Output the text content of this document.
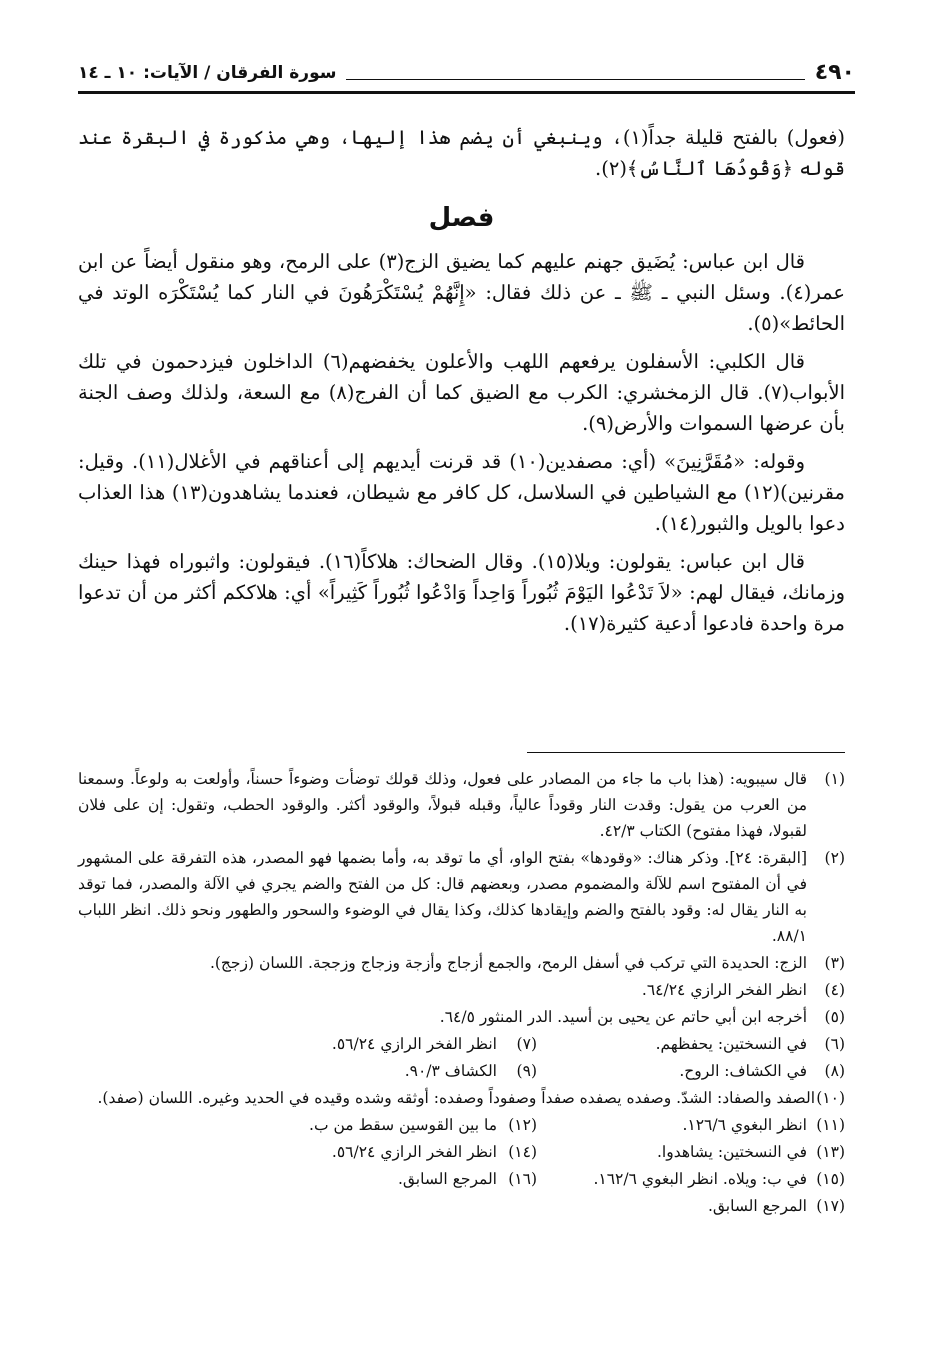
٤٩٠
سورة الفرقان / الآيات: ١٠ ـ ١٤

(فعول) بالفتح قليلة جداً(١)، وينبغي أن يضم هذا إليها، وهي مذكورة في البقرة عند قوله ﴿وَقُودُهَا ٱلنَّاسُ﴾(٢).

فصل

قال ابن عباس: يُضَيق جهنم عليهم كما يضيق الزج(٣) على الرمح، وهو منقول أيضاً عن ابن عمر(٤). وسئل النبي ـ ﷺ ـ عن ذلك فقال: «إِنَّهُمْ يُسْتَكْرَهُونَ في النار كما يُسْتَكْرَه الوتد في الحائط»(٥).

قال الكلبي: الأسفلون يرفعهم اللهب والأعلون يخفضهم(٦) الداخلون فيزدحمون في تلك الأبواب(٧). قال الزمخشري: الكرب مع الضيق كما أن الفرج(٨) مع السعة، ولذلك وصف الجنة بأن عرضها السموات والأرض(٩).

وقوله: «مُقَرَّنِينَ» (أي: مصفدين(١٠) قد قرنت أيديهم إلى أعناقهم في الأغلال(١١). وقيل: مقرنين)(١٢) مع الشياطين في السلاسل، كل كافر مع شيطان، فعندما يشاهدون(١٣) هذا العذاب دعوا بالويل والثبور(١٤).

قال ابن عباس: يقولون: ويلا(١٥). وقال الضحاك: هلاكاً(١٦). فيقولون: واثبوراه فهذا حينك وزمانك، فيقال لهم: «لاَ تَدْعُوا اليَوْمَ ثُبُوراً وَاحِداً وَادْعُوا ثُبُوراً كَثِيراً» أي: هلاككم أكثر من أن تدعوا مرة واحدة فادعوا أدعية كثيرة(١٧).

(١)
قال سيبويه: (هذا باب ما جاء من المصادر على فعول، وذلك قولك توضأت وضوءاً حسناً، وأولعت به ولوعاً. وسمعنا من العرب من يقول: وقدت النار وقوداً عالياً، وقبله قبولاً، والوقود أكثر. والوقود الحطب، وتقول: إن على فلان لقبولا، فهذا مفتوح) الكتاب ٤٢/٣.
(٢)
[البقرة: ٢٤]. وذكر هناك: «وقودها» بفتح الواو، أي ما توقد به، وأما بضمها فهو المصدر، هذه التفرقة على المشهور في أن المفتوح اسم للآلة والمضموم مصدر، وبعضهم قال: كل من الفتح والضم يجري في الآلة والمصدر، فما توقد به النار يقال له: وقود بالفتح والضم وإيقادها كذلك، وكذا يقال في الوضوء والسحور والطهور ونحو ذلك. انظر اللباب ٨٨/١.
(٣)
الزج: الحديدة التي تركب في أسفل الرمح، والجمع أزجاج وأزجة وزجاج وزججة. اللسان (زجج).
(٤)
انظر الفخر الرازي ٦٤/٢٤.
(٥)
أخرجه ابن أبي حاتم عن يحيى بن أسيد. الدر المنثور ٦٤/٥.
(٦)
في النسختين: يحفظهم.
(٧)
انظر الفخر الرازي ٥٦/٢٤.
(٨)
في الكشاف: الروح.
(٩)
الكشاف ٩٠/٣.
(١٠)
الصفد والصفاد: الشدّ. وصفده يصفده صفداً وصفوداً وصفده: أوثقه وشده وقيده في الحديد وغيره. اللسان (صفد).
(١١)
انظر البغوي ١٢٦/٦.
(١٢)
ما بين القوسين سقط من ب.
(١٣)
في النسختين: يشاهدوا.
(١٤)
انظر الفخر الرازي ٥٦/٢٤.
(١٥)
في ب: ويلاه. انظر البغوي ١٦٢/٦.
(١٦)
المرجع السابق.
(١٧)
المرجع السابق.
